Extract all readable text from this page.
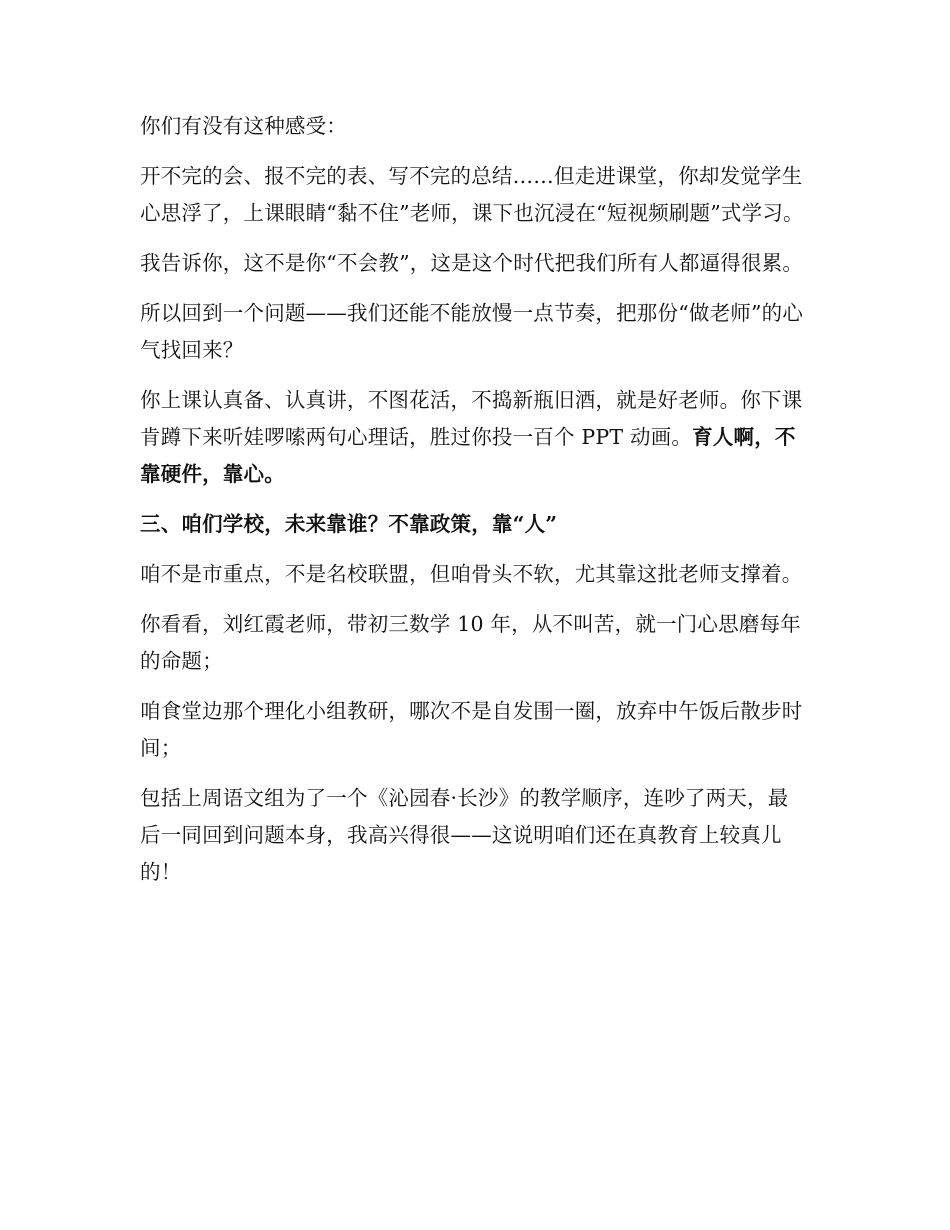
你们有没有这种感受：

开不完的会、报不完的表、写不完的总结……但走进课堂，你却发觉学生心思浮了，上课眼睛“黏不住”老师，课下也沉浸在“短视频刷题”式学习。

我告诉你，这不是你“不会教”，这是这个时代把我们所有人都逼得很累。

所以回到一个问题——我们还能不能放慢一点节奏，把那份“做老师”的心气找回来？

你上课认真备、认真讲，不图花活，不捣新瓶旧酒，就是好老师。你下课肯蹲下来听娃啰嗦两句心理话，胜过你投一百个 PPT 动画。育人啊，不靠硬件，靠心。

三、咱们学校，未来靠谁？不靠政策，靠“人”

咱不是市重点，不是名校联盟，但咱骨头不软，尤其靠这批老师支撑着。

你看看，刘红霞老师，带初三数学 10 年，从不叫苦，就一门心思磨每年的命题；

咱食堂边那个理化小组教研，哪次不是自发围一圈，放弃中午饭后散步时间；

包括上周语文组为了一个《沁园春·长沙》的教学顺序，连吵了两天，最后一同回到问题本身，我高兴得很——这说明咱们还在真教育上较真儿的！
